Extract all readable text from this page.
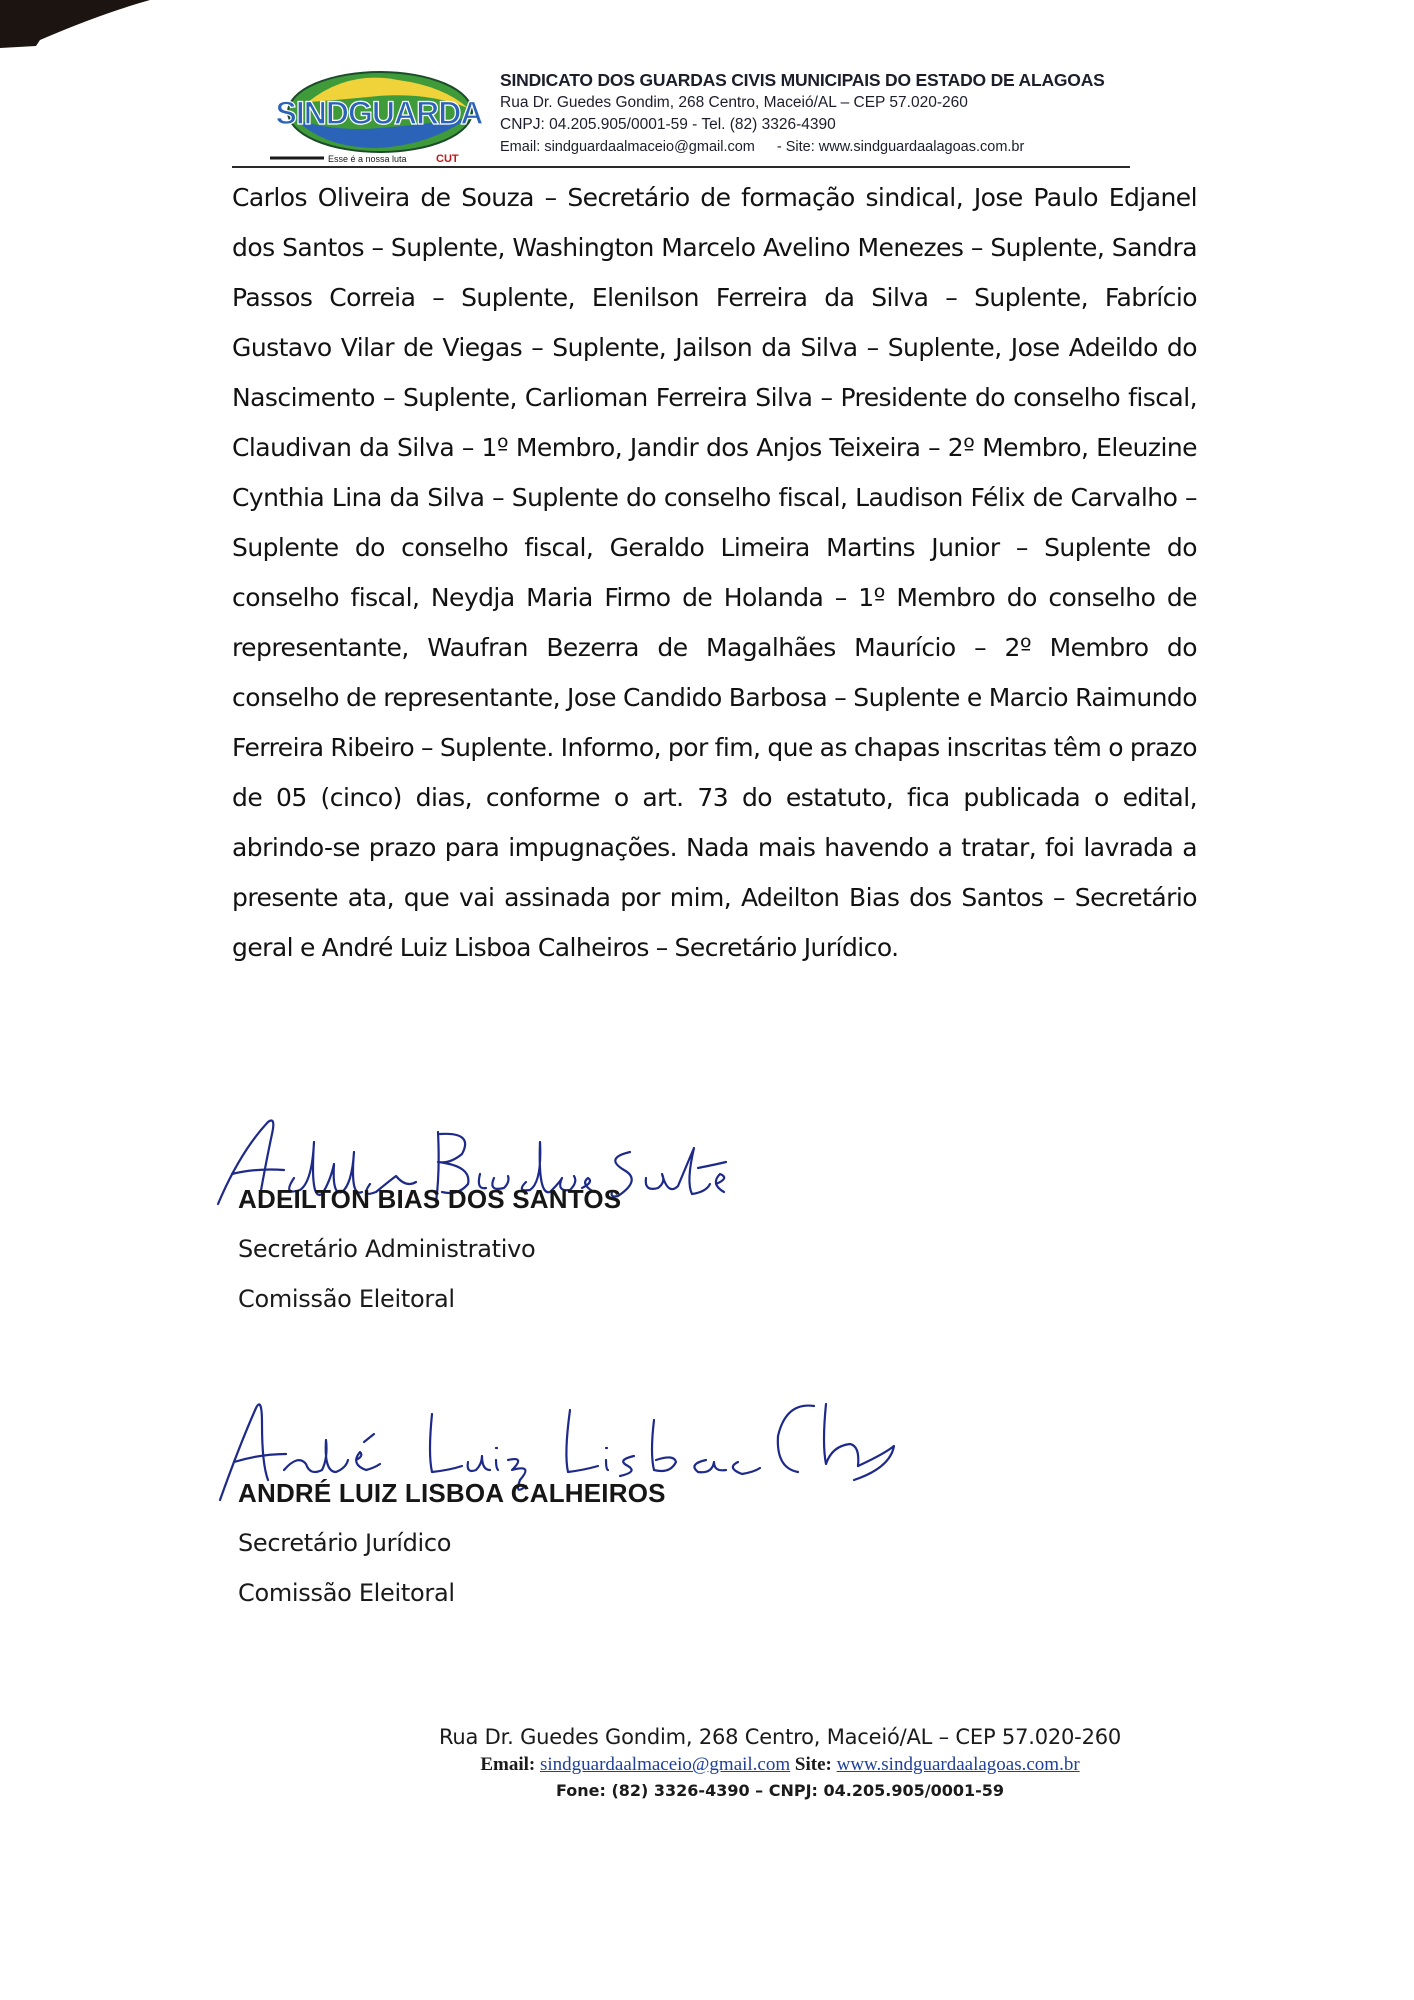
SINDGUARDA
Esse é a nossa luta	CUT
SINDICATO DOS GUARDAS CIVIS MUNICIPAIS DO ESTADO DE ALAGOAS
Rua Dr. Guedes Gondim, 268 Centro, Maceió/AL – CEP 57.020-260
CNPJ: 04.205.905/0001-59 - Tel. (82) 3326-4390
Email: sindguardaalmaceio@gmail.com - Site: www.sindguardaalagoas.com.br
Carlos Oliveira de Souza – Secretário de formação sindical, Jose Paulo Edjanel dos Santos – Suplente, Washington Marcelo Avelino Menezes – Suplente, Sandra Passos Correia – Suplente, Elenilson Ferreira da Silva – Suplente, Fabrício Gustavo Vilar de Viegas – Suplente, Jailson da Silva – Suplente, Jose Adeildo do Nascimento – Suplente, Carlioman Ferreira Silva – Presidente do conselho fiscal, Claudivan da Silva – 1º Membro, Jandir dos Anjos Teixeira – 2º Membro, Eleuzine Cynthia Lina da Silva – Suplente do conselho fiscal, Laudison Félix de Carvalho – Suplente do conselho fiscal, Geraldo Limeira Martins Junior – Suplente do conselho fiscal, Neydja Maria Firmo de Holanda – 1º Membro do conselho de representante, Waufran Bezerra de Magalhães Maurício – 2º Membro do conselho de representante, Jose Candido Barbosa – Suplente e Marcio Raimundo Ferreira Ribeiro – Suplente. Informo, por fim, que as chapas inscritas têm o prazo de 05 (cinco) dias, conforme o art. 73 do estatuto, fica publicada o edital, abrindo-se prazo para impugnações. Nada mais havendo a tratar, foi lavrada a presente ata, que vai assinada por mim, Adeilton Bias dos Santos – Secretário geral e André Luiz Lisboa Calheiros – Secretário Jurídico.
ADEILTON BIAS DOS SANTOS
Secretário Administrativo
Comissão Eleitoral
ANDRÉ LUIZ LISBOA CALHEIROS
Secretário Jurídico
Comissão Eleitoral
Rua Dr. Guedes Gondim, 268 Centro, Maceió/AL – CEP 57.020-260
Email: sindguardaalmaceio@gmail.com Site: www.sindguardaalagoas.com.br
Fone: (82) 3326-4390 – CNPJ: 04.205.905/0001-59
